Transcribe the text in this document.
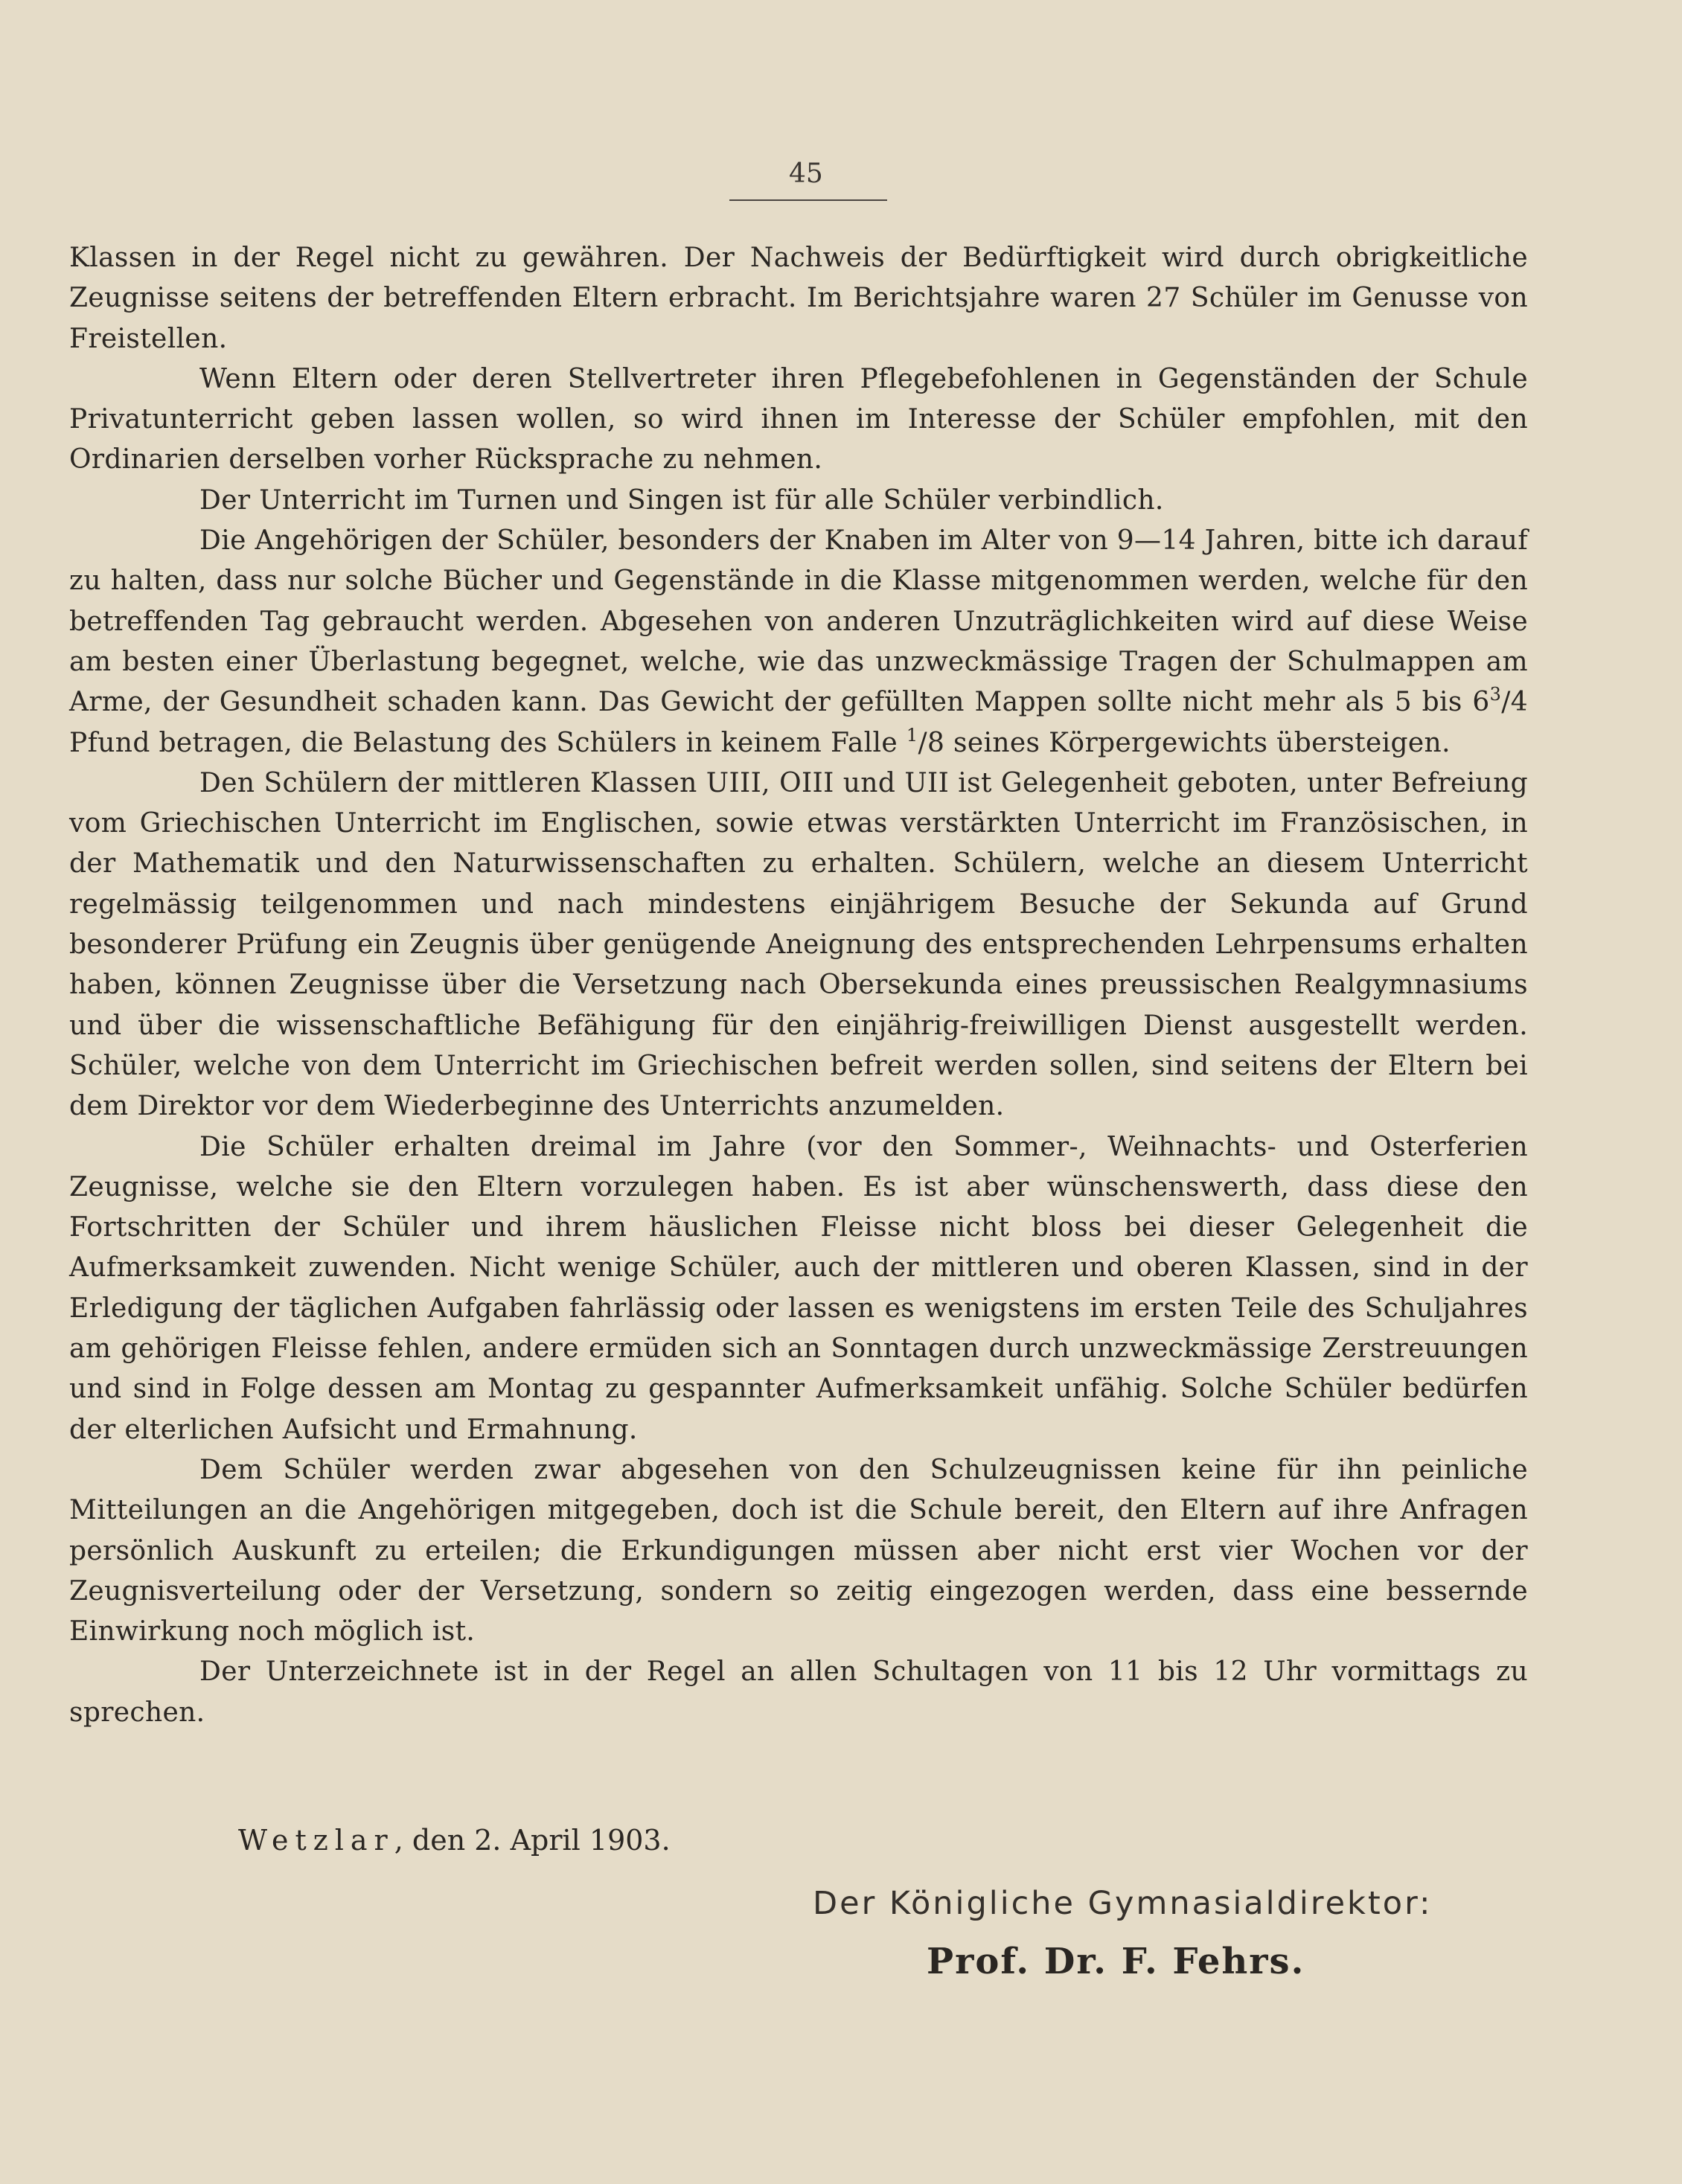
45

Klassen in der Regel nicht zu gewähren. Der Nachweis der Bedürftigkeit wird durch obrigkeitliche Zeugnisse seitens der betreffenden Eltern erbracht. Im Berichtsjahre waren 27 Schüler im Genusse von Freistellen.

Wenn Eltern oder deren Stellvertreter ihren Pflegebefohlenen in Gegenständen der Schule Privatunterricht geben lassen wollen, so wird ihnen im Interesse der Schüler empfohlen, mit den Ordinarien derselben vorher Rücksprache zu nehmen.

Der Unterricht im Turnen und Singen ist für alle Schüler verbindlich.

Die Angehörigen der Schüler, besonders der Knaben im Alter von 9—14 Jahren, bitte ich darauf zu halten, dass nur solche Bücher und Gegenstände in die Klasse mitgenommen werden, welche für den betreffenden Tag gebraucht werden. Abgesehen von anderen Unzuträglichkeiten wird auf diese Weise am besten einer Überlastung begegnet, welche, wie das unzweckmässige Tragen der Schulmappen am Arme, der Gesundheit schaden kann. Das Gewicht der gefüllten Mappen sollte nicht mehr als 5 bis $6^3/4$ Pfund betragen, die Belastung des Schülers in keinem Falle $^1$/8 seines Körpergewichts übersteigen.

Den Schülern der mittleren Klassen UIII, OIII und UII ist Gelegenheit geboten, unter Befreiung vom Griechischen Unterricht im Englischen, sowie etwas verstärkten Unterricht im Französischen, in der Mathematik und den Naturwissenschaften zu erhalten. Schülern, welche an diesem Unterricht regelmässig teilgenommen und nach mindestens einjährigem Besuche der Sekunda auf Grund besonderer Prüfung ein Zeugnis über genügende Aneignung des entsprechenden Lehrpensums erhalten haben, können Zeugnisse über die Versetzung nach Obersekunda eines preussischen Realgymnasiums und über die wissenschaftliche Befähigung für den einjährig-freiwilligen Dienst ausgestellt werden. Schüler, welche von dem Unterricht im Griechischen befreit werden sollen, sind seitens der Eltern bei dem Direktor vor dem Wiederbeginne des Unterrichts anzumelden.

Die Schüler erhalten dreimal im Jahre (vor den Sommer-, Weihnachts- und Osterferien Zeugnisse, welche sie den Eltern vorzulegen haben. Es ist aber wünschenswerth, dass diese den Fortschritten der Schüler und ihrem häuslichen Fleisse nicht bloss bei dieser Gelegenheit die Aufmerksamkeit zuwenden. Nicht wenige Schüler, auch der mittleren und oberen Klassen, sind in der Erledigung der täglichen Aufgaben fahrlässig oder lassen es wenigstens im ersten Teile des Schuljahres am gehörigen Fleisse fehlen, andere ermüden sich an Sonntagen durch unzweckmässige Zerstreuungen und sind in Folge dessen am Montag zu gespannter Aufmerksamkeit unfähig. Solche Schüler bedürfen der elterlichen Aufsicht und Ermahnung.

Dem Schüler werden zwar abgesehen von den Schulzeugnissen keine für ihn peinliche Mitteilungen an die Angehörigen mitgegeben, doch ist die Schule bereit, den Eltern auf ihre Anfragen persönlich Auskunft zu erteilen; die Erkundigungen müssen aber nicht erst vier Wochen vor der Zeugnisverteilung oder der Versetzung, sondern so zeitig eingezogen werden, dass eine bessernde Einwirkung noch möglich ist.

Der Unterzeichnete ist in der Regel an allen Schultagen von 11 bis 12 Uhr vormittags zu sprechen.

Wetzlar, den 2. April 1903.
Der Königliche Gymnasialdirektor:
Prof. Dr. F. Fehrs.
